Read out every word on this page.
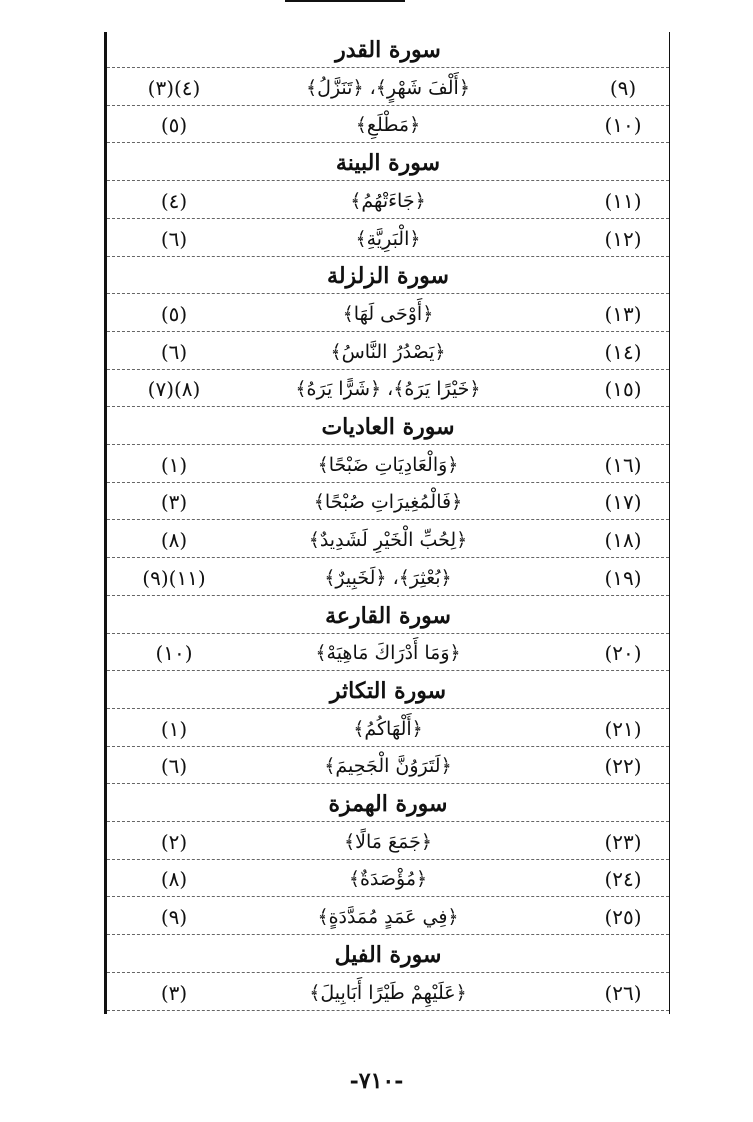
سورة القدر
(٩)
﴿أَلْفَ شَهْرٍ﴾، ﴿تَنَزَّلُ﴾
(٤)(٣)
(١٠)
﴿مَطْلَعِ﴾
(٥)
سورة البينة
(١١)
﴿جَاءَتْهُمُ﴾
(٤)
(١٢)
﴿الْبَرِيَّةِ﴾
(٦)
سورة الزلزلة
(١٣)
﴿أَوْحَى لَهَا﴾
(٥)
(١٤)
﴿يَصْدُرُ النَّاسُ﴾
(٦)
(١٥)
﴿خَيْرًا يَرَهُ﴾، ﴿شَرًّا يَرَهُ﴾
(٨)(٧)
سورة العاديات
(١٦)
﴿وَالْعَادِيَاتِ ضَبْحًا﴾
(١)
(١٧)
﴿فَالْمُغِيرَاتِ صُبْحًا﴾
(٣)
(١٨)
﴿لِحُبِّ الْخَيْرِ لَشَدِيدٌ﴾
(٨)
(١٩)
﴿بُعْثِرَ﴾، ﴿لَخَبِيرٌ﴾
(١١)(٩)
سورة القارعة
(٢٠)
﴿وَمَا أَدْرَاكَ مَاهِيَهْ﴾
(١٠)
سورة التكاثر
(٢١)
﴿أَلْهَاكُمُ﴾
(١)
(٢٢)
﴿لَتَرَوُنَّ الْجَحِيمَ﴾
(٦)
سورة الهمزة
(٢٣)
﴿جَمَعَ مَالًا﴾
(٢)
(٢٤)
﴿مُؤْصَدَةٌ﴾
(٨)
(٢٥)
﴿فِي عَمَدٍ مُمَدَّدَةٍ﴾
(٩)
سورة الفيل
(٢٦)
﴿عَلَيْهِمْ طَيْرًا أَبَابِيلَ﴾
(٣)
-٧١٠-
